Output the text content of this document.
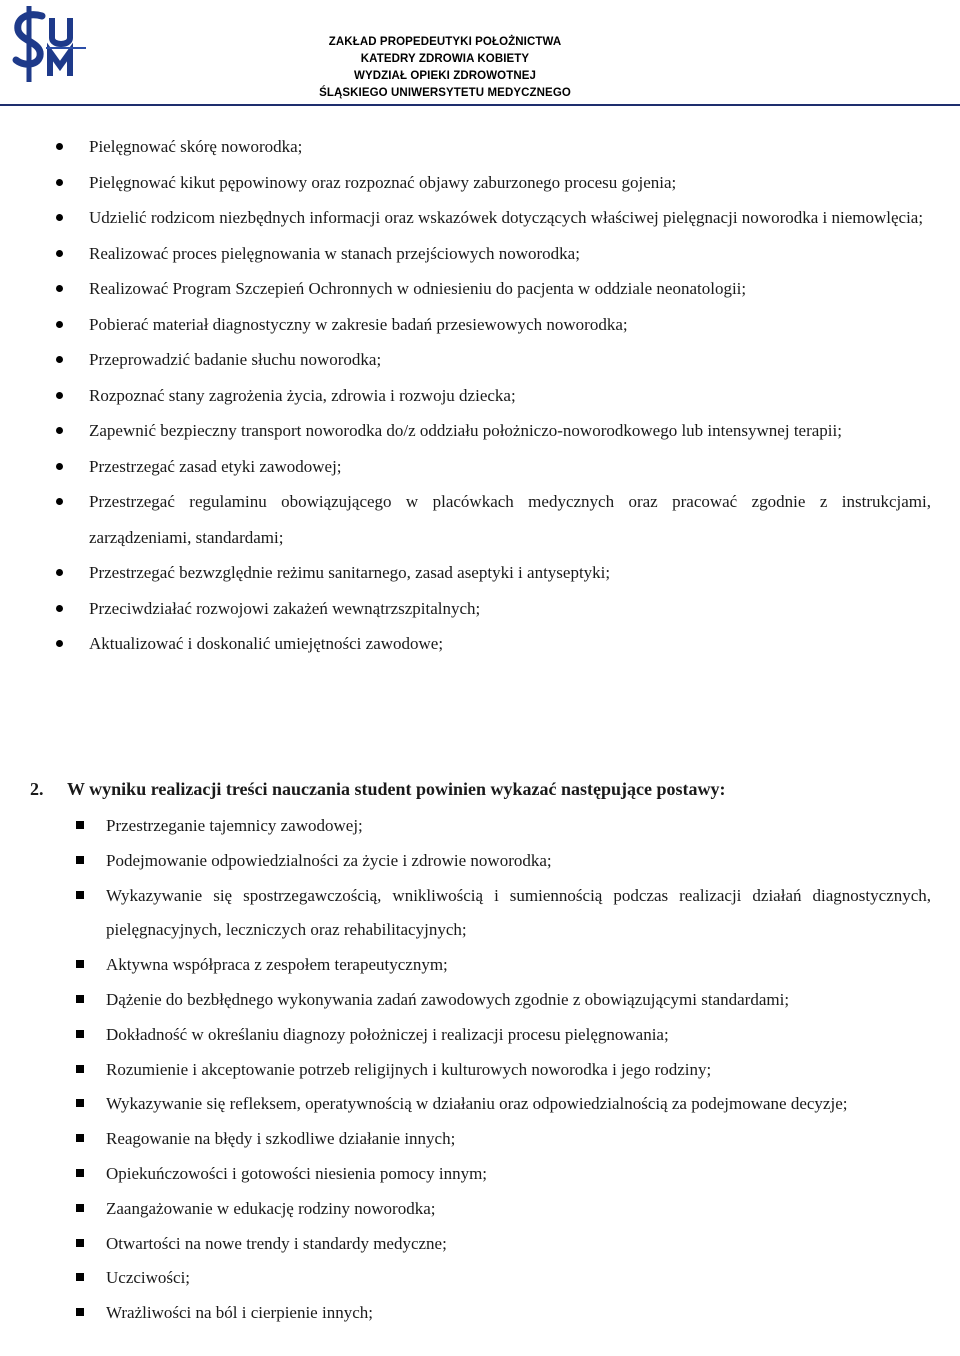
ZAKŁAD PROPEDEUTYKI POŁOŻNICTWA
KATEDRY ZDROWIA KOBIETY
WYDZIAŁ OPIEKI ZDROWOTNEJ
ŚLĄSKIEGO UNIWERSYTETU MEDYCZNEGO
Pielęgnować skórę noworodka;
Pielęgnować kikut pępowinowy oraz rozpoznać objawy zaburzonego procesu gojenia;
Udzielić rodzicom niezbędnych informacji oraz wskazówek dotyczących właściwej pielęgnacji noworodka i niemowlęcia;
Realizować proces pielęgnowania w stanach przejściowych noworodka;
Realizować Program Szczepień Ochronnych w odniesieniu do pacjenta w oddziale neonatologii;
Pobierać materiał diagnostyczny w zakresie badań przesiewowych noworodka;
Przeprowadzić badanie słuchu noworodka;
Rozpoznać stany zagrożenia życia, zdrowia i rozwoju dziecka;
Zapewnić bezpieczny transport noworodka do/z oddziału położniczo-noworodkowego lub intensywnej terapii;
Przestrzegać zasad etyki zawodowej;
Przestrzegać regulaminu obowiązującego w placówkach medycznych oraz pracować zgodnie z instrukcjami, zarządzeniami, standardami;
Przestrzegać bezwzględnie reżimu sanitarnego, zasad aseptyki i antyseptyki;
Przeciwdziałać rozwojowi zakażeń wewnątrzszpitalnych;
Aktualizować i doskonalić umiejętności zawodowe;
2. W wyniku realizacji treści nauczania student powinien wykazać następujące postawy:
Przestrzeganie tajemnicy zawodowej;
Podejmowanie odpowiedzialności za życie i zdrowie noworodka;
Wykazywanie się spostrzegawczością, wnikliwością i sumiennością podczas realizacji działań diagnostycznych, pielęgnacyjnych, leczniczych oraz rehabilitacyjnych;
Aktywna współpraca z zespołem terapeutycznym;
Dążenie do bezbłędnego wykonywania zadań zawodowych zgodnie z obowiązującymi standardami;
Dokładność w określaniu diagnozy położniczej i realizacji procesu pielęgnowania;
Rozumienie i akceptowanie potrzeb religijnych i kulturowych noworodka i jego rodziny;
Wykazywanie się refleksem, operatywnością w działaniu oraz odpowiedzialnością za podejmowane decyzje;
Reagowanie na błędy i szkodliwe działanie innych;
Opiekuńczowości i gotowości niesienia pomocy innym;
Zaangażowanie w edukację rodziny noworodka;
Otwartości na nowe trendy i standardy medyczne;
Uczciwości;
Wrażliwości na ból i cierpienie innych;
